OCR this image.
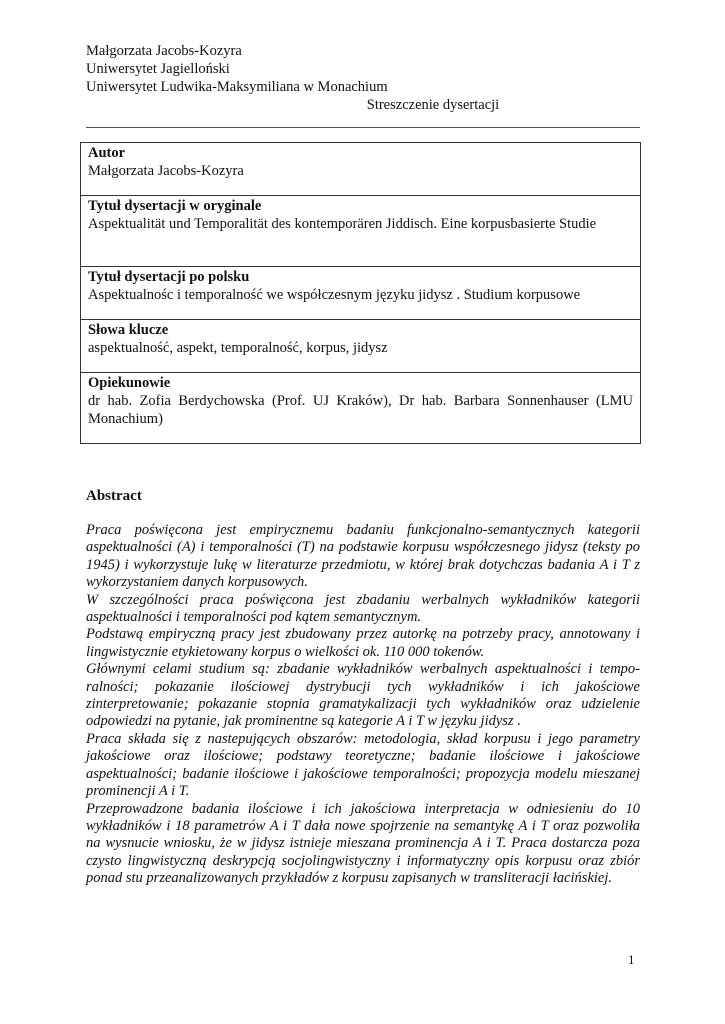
Małgorzata Jacobs-Kozyra
Uniwersytet Jagielloński
Uniwersytet Ludwika-Maksymiliana w Monachium
Streszczenie dysertacji
Autor
Małgorzata Jacobs-Kozyra

Tytuł dysertacji w oryginale
Aspektualität und Temporalität des kontemporären Jiddisch. Eine korpusbasierte Studie

Tytuł dysertacji po polsku
Aspektualnośc i temporalność we współczesnym języku jidysz . Studium korpusowe

Słowa klucze
aspektualność, aspekt, temporalność, korpus, jidysz

Opiekunowie
dr hab. Zofia Berdychowska (Prof. UJ Kraków), Dr hab. Barbara Sonnenhauser (LMU Monachium)
Abstract

Praca poświęcona jest empirycznemu badaniu funkcjonalno-semantycznych kategorii aspektualności (A) i temporalności (T) na podstawie korpusu współczesnego jidysz (teksty po 1945) i wykorzystuje lukę w literaturze przedmiotu, w której brak dotychczas badania A i T z wykorzystaniem danych korpusowych.

W szczególności praca poświęcona jest zbadaniu werbalnych wykładników kategorii aspektualności i temporalności pod kątem semantycznym.

Podstawą empiryczną pracy jest zbudowany przez autorkę na potrzeby pracy, annotowany i lingwistycznie etykietowany korpus o wielkości ok. 110 000 tokenów.

Głównymi celami studium są: zbadanie wykładników werbalnych aspektualności i tempo-ralności; pokazanie ilościowej dystrybucji tych wykładników i ich jakościowe zinterpretowanie; pokazanie stopnia gramatykalizacji tych wykładników oraz udzielenie odpowiedzi na pytanie, jak prominentne są kategorie A i T w języku jidysz .

Praca składa się z nastepujących obszarów: metodologia, skład korpusu i jego parametry jakościowe oraz ilościowe; podstawy teoretyczne; badanie ilościowe i jakościowe aspektualności; badanie ilościowe i jakościowe temporalności; propozycja modelu mieszanej prominencji A i T.

Przeprowadzone badania ilościowe i ich jakościowa interpretacja w odniesieniu do 10 wykładników i 18 parametrów A i T dała nowe spojrzenie na semantykę A i T oraz pozwoliła na wysnucie wniosku, że w jidysz istnieje mieszana prominencja A i T. Praca dostarcza poza czysto lingwistyczną deskrypcją socjolingwistyczny i informatyczny opis korpusu oraz zbiór ponad stu przeanalizowanych przykładów z korpusu zapisanych w transliteracji łacińskiej.

1
